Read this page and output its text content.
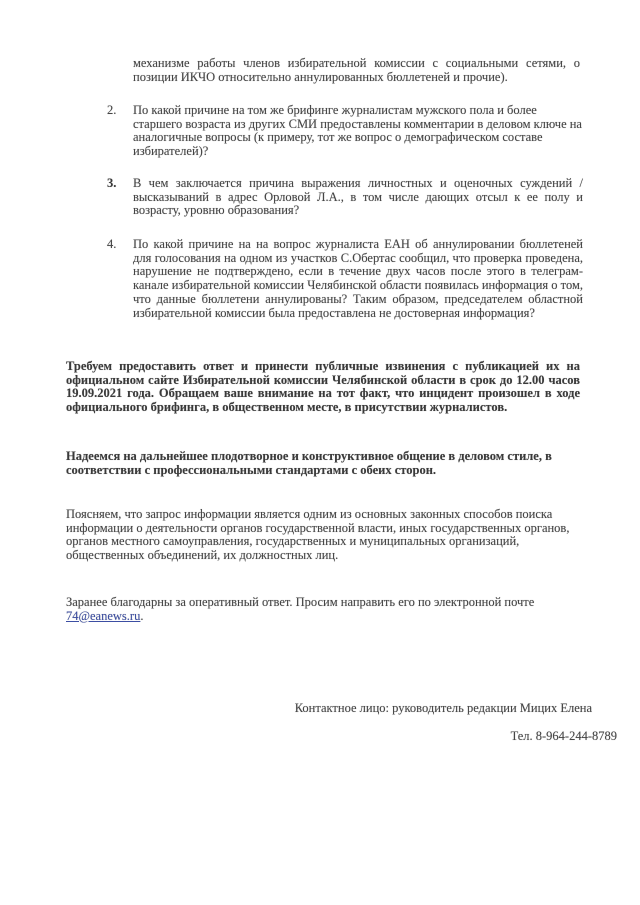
механизме работы членов избирательной комиссии с социальными сетями, о позиции ИКЧО относительно аннулированных бюллетеней и прочие).
2.	По какой причине на том же брифинге журналистам мужского пола и более старшего возраста из других СМИ предоставлены комментарии в деловом ключе на аналогичные вопросы (к примеру, тот же вопрос о демографическом составе избирателей)?
3.	В чем заключается причина выражения личностных и оценочных суждений / высказываний в адрес Орловой Л.А., в том числе дающих отсыл к ее полу и возрасту, уровню образования?
4.	По какой причине на на вопрос журналиста ЕАН об аннулировании бюллетеней для голосования на одном из участков С.Обертас сообщил, что проверка проведена, нарушение не подтверждено, если в течение двух часов после этого в телеграм-канале избирательной комиссии Челябинской области появилась информация о том, что данные бюллетени аннулированы? Таким образом, председателем областной избирательной комиссии была предоставлена не достоверная информация?
Требуем предоставить ответ и принести публичные извинения с публикацией их на официальном сайте Избирательной комиссии Челябинской области в срок до 12.00 часов 19.09.2021 года. Обращаем ваше внимание на тот факт, что инцидент произошел в ходе официального брифинга, в общественном месте, в присутствии журналистов.
Надеемся на дальнейшее плодотворное и конструктивное общение в деловом стиле, в соответствии с профессиональными стандартами с обеих сторон.
Поясняем, что запрос информации является одним из основных законных способов поиска информации о деятельности органов государственной власти, иных государственных органов, органов местного самоуправления, государственных и муниципальных организаций, общественных объединений, их должностных лиц.
Заранее благодарны за оперативный ответ. Просим направить его по электронной почте
74@eanews.ru.
Контактное лицо: руководитель редакции Мицих Елена
Тел. 8-964-244-8789
